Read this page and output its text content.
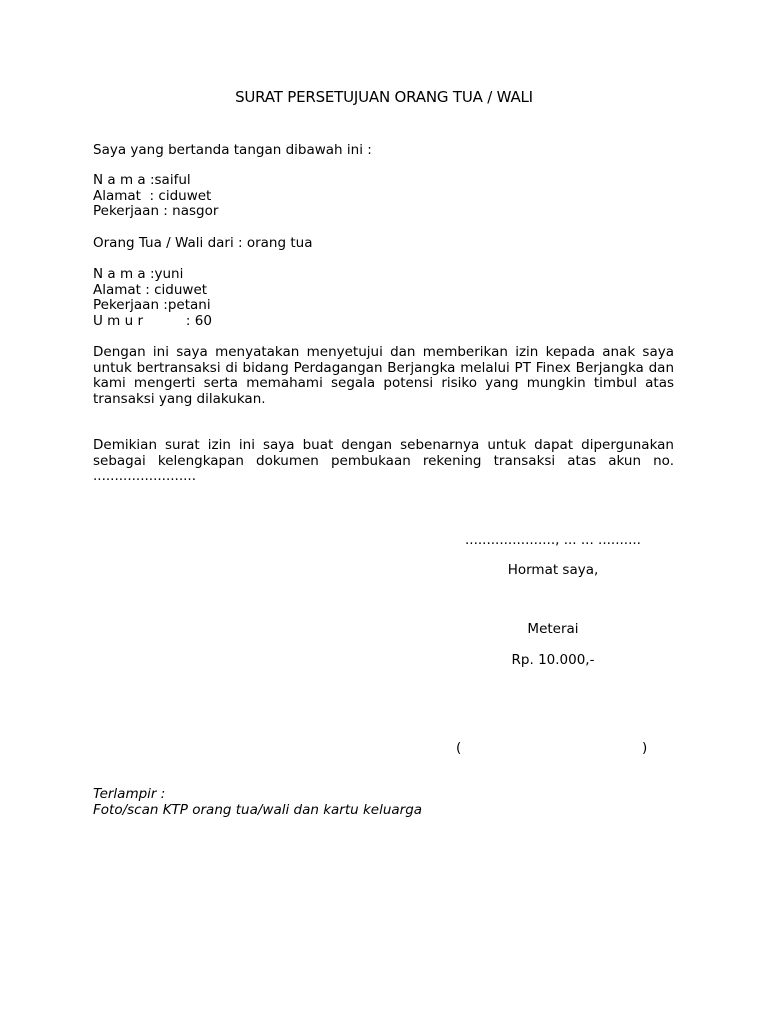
SURAT PERSETUJUAN ORANG TUA / WALI
Saya yang bertanda tangan dibawah ini :
N a m a :saiful
Alamat  : ciduwet
Pekerjaan : nasgor
Orang Tua / Wali dari : orang tua
N a m a :yuni
Alamat : ciduwet
Pekerjaan :petani
U m u r          : 60
Dengan ini saya menyatakan menyetujui dan memberikan izin kepada anak saya untuk bertransaksi di bidang Perdagangan Berjangka melalui PT Finex Berjangka dan kami mengerti serta memahami segala potensi risiko yang mungkin timbul atas transaksi yang dilakukan.
Demikian surat izin ini saya buat dengan sebenarnya untuk dapat dipergunakan sebagai kelengkapan dokumen pembukaan rekening transaksi atas akun no. ........................
....................., ... ... ..........
Hormat saya,
Meterai
Rp. 10.000,-
(	)
Terlampir :
Foto/scan KTP orang tua/wali dan kartu keluarga
